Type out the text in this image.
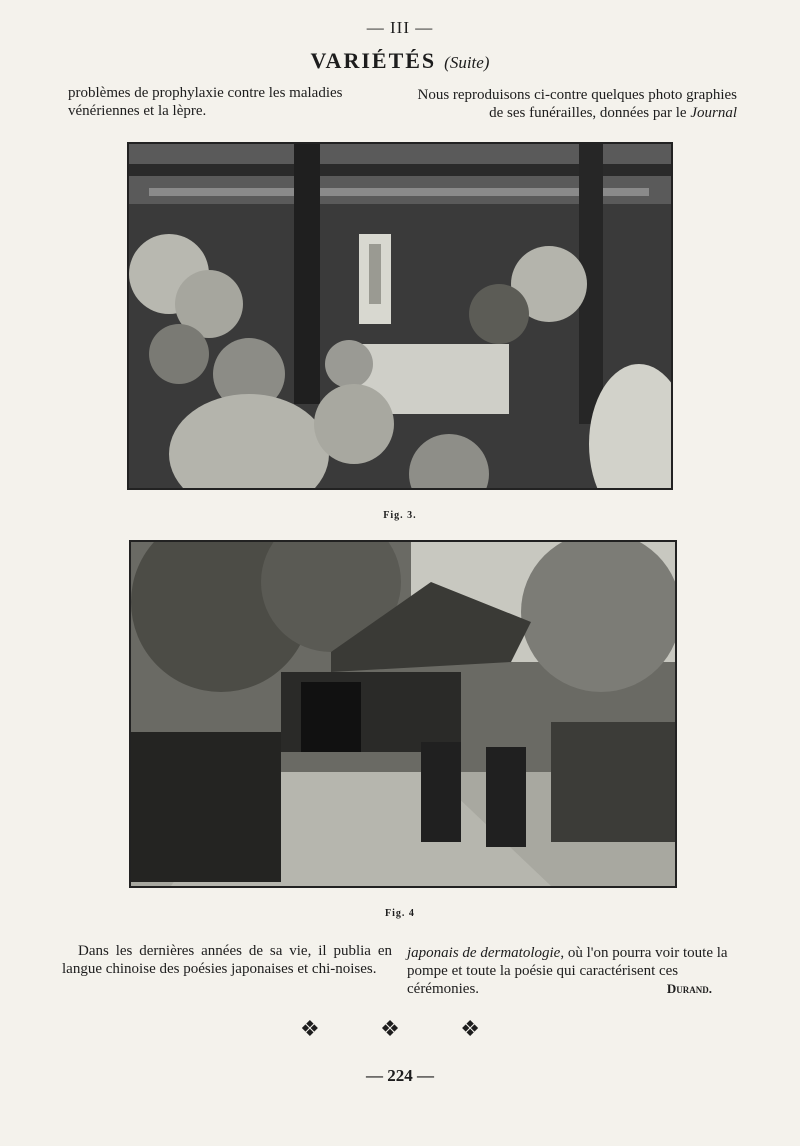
— III —
VARIÉTÉS (Suite)
problèmes de prophylaxie contre les maladies vénériennes et la lèpre.
Nous reproduisons ci-contre quelques photo graphies de ses funérailles, données par le Journal
Fig. 3.
Fig. 4
Dans les dernières années de sa vie, il publia en langue chinoise des poésies japonaises et chi-noises.
japonais de dermatologie, où l'on pourra voir toute la pompe et toute la poésie qui caractérisent ces cérémonies.	Durand.
❖	❖	❖
— 224 —
